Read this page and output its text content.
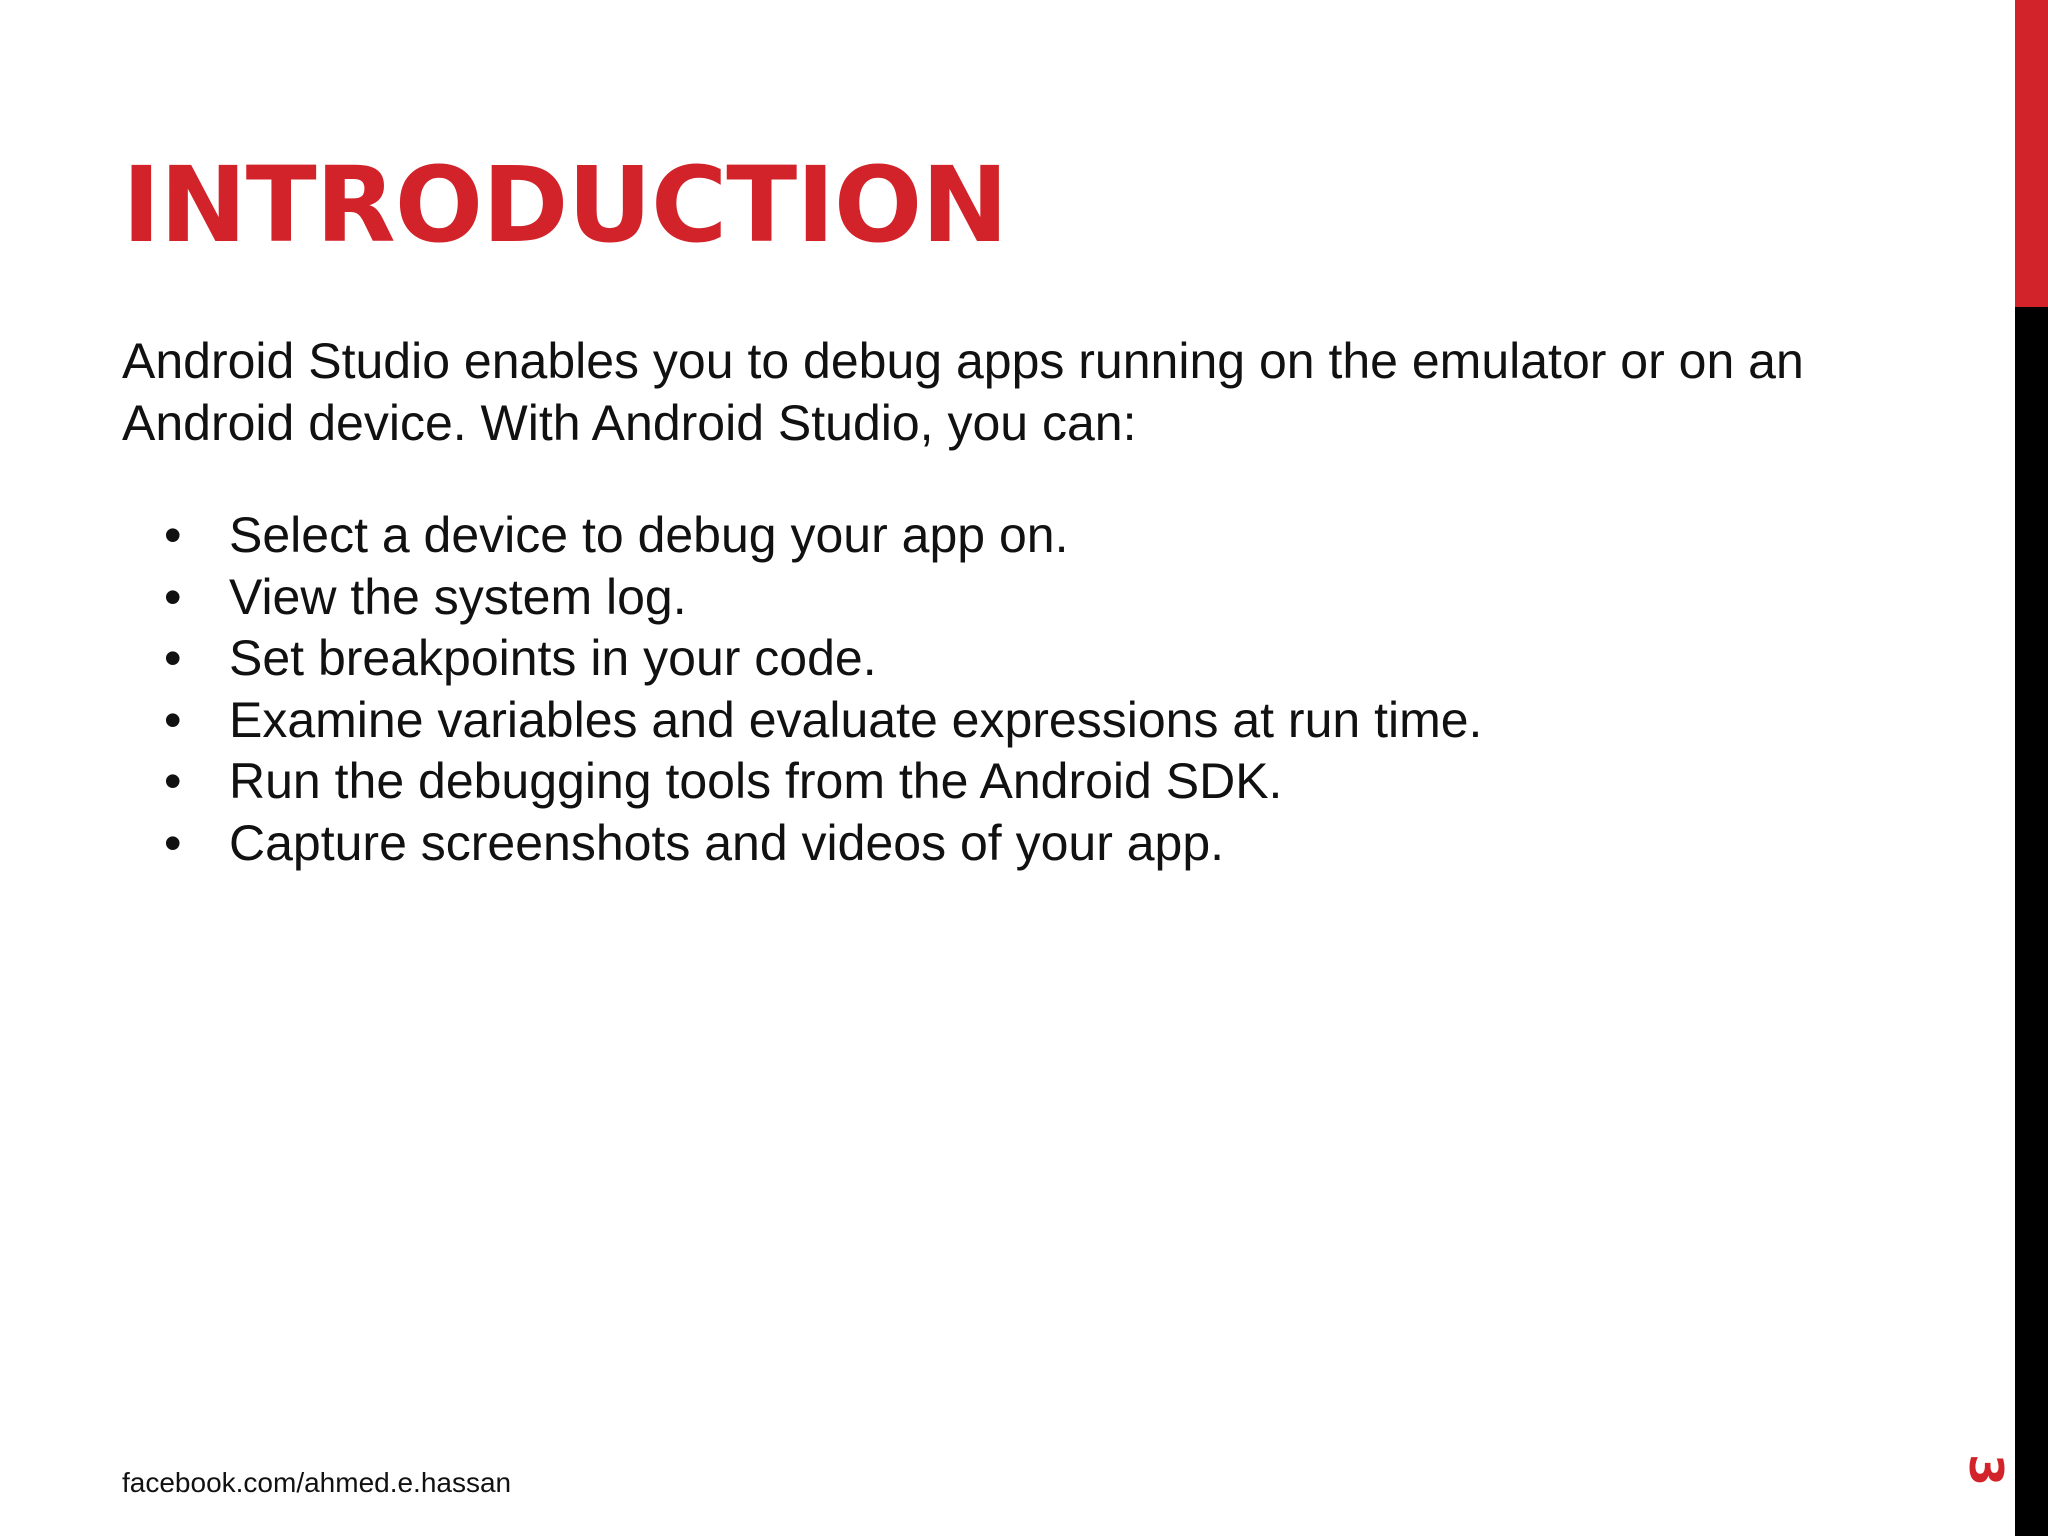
INTRODUCTION

Android Studio enables you to debug apps running on the emulator or on an Android device. With Android Studio, you can:

• Select a device to debug your app on.
• View the system log.
• Set breakpoints in your code.
• Examine variables and evaluate expressions at run time.
• Run the debugging tools from the Android SDK.
• Capture screenshots and videos of your app.
facebook.com/ahmed.e.hassan	3
